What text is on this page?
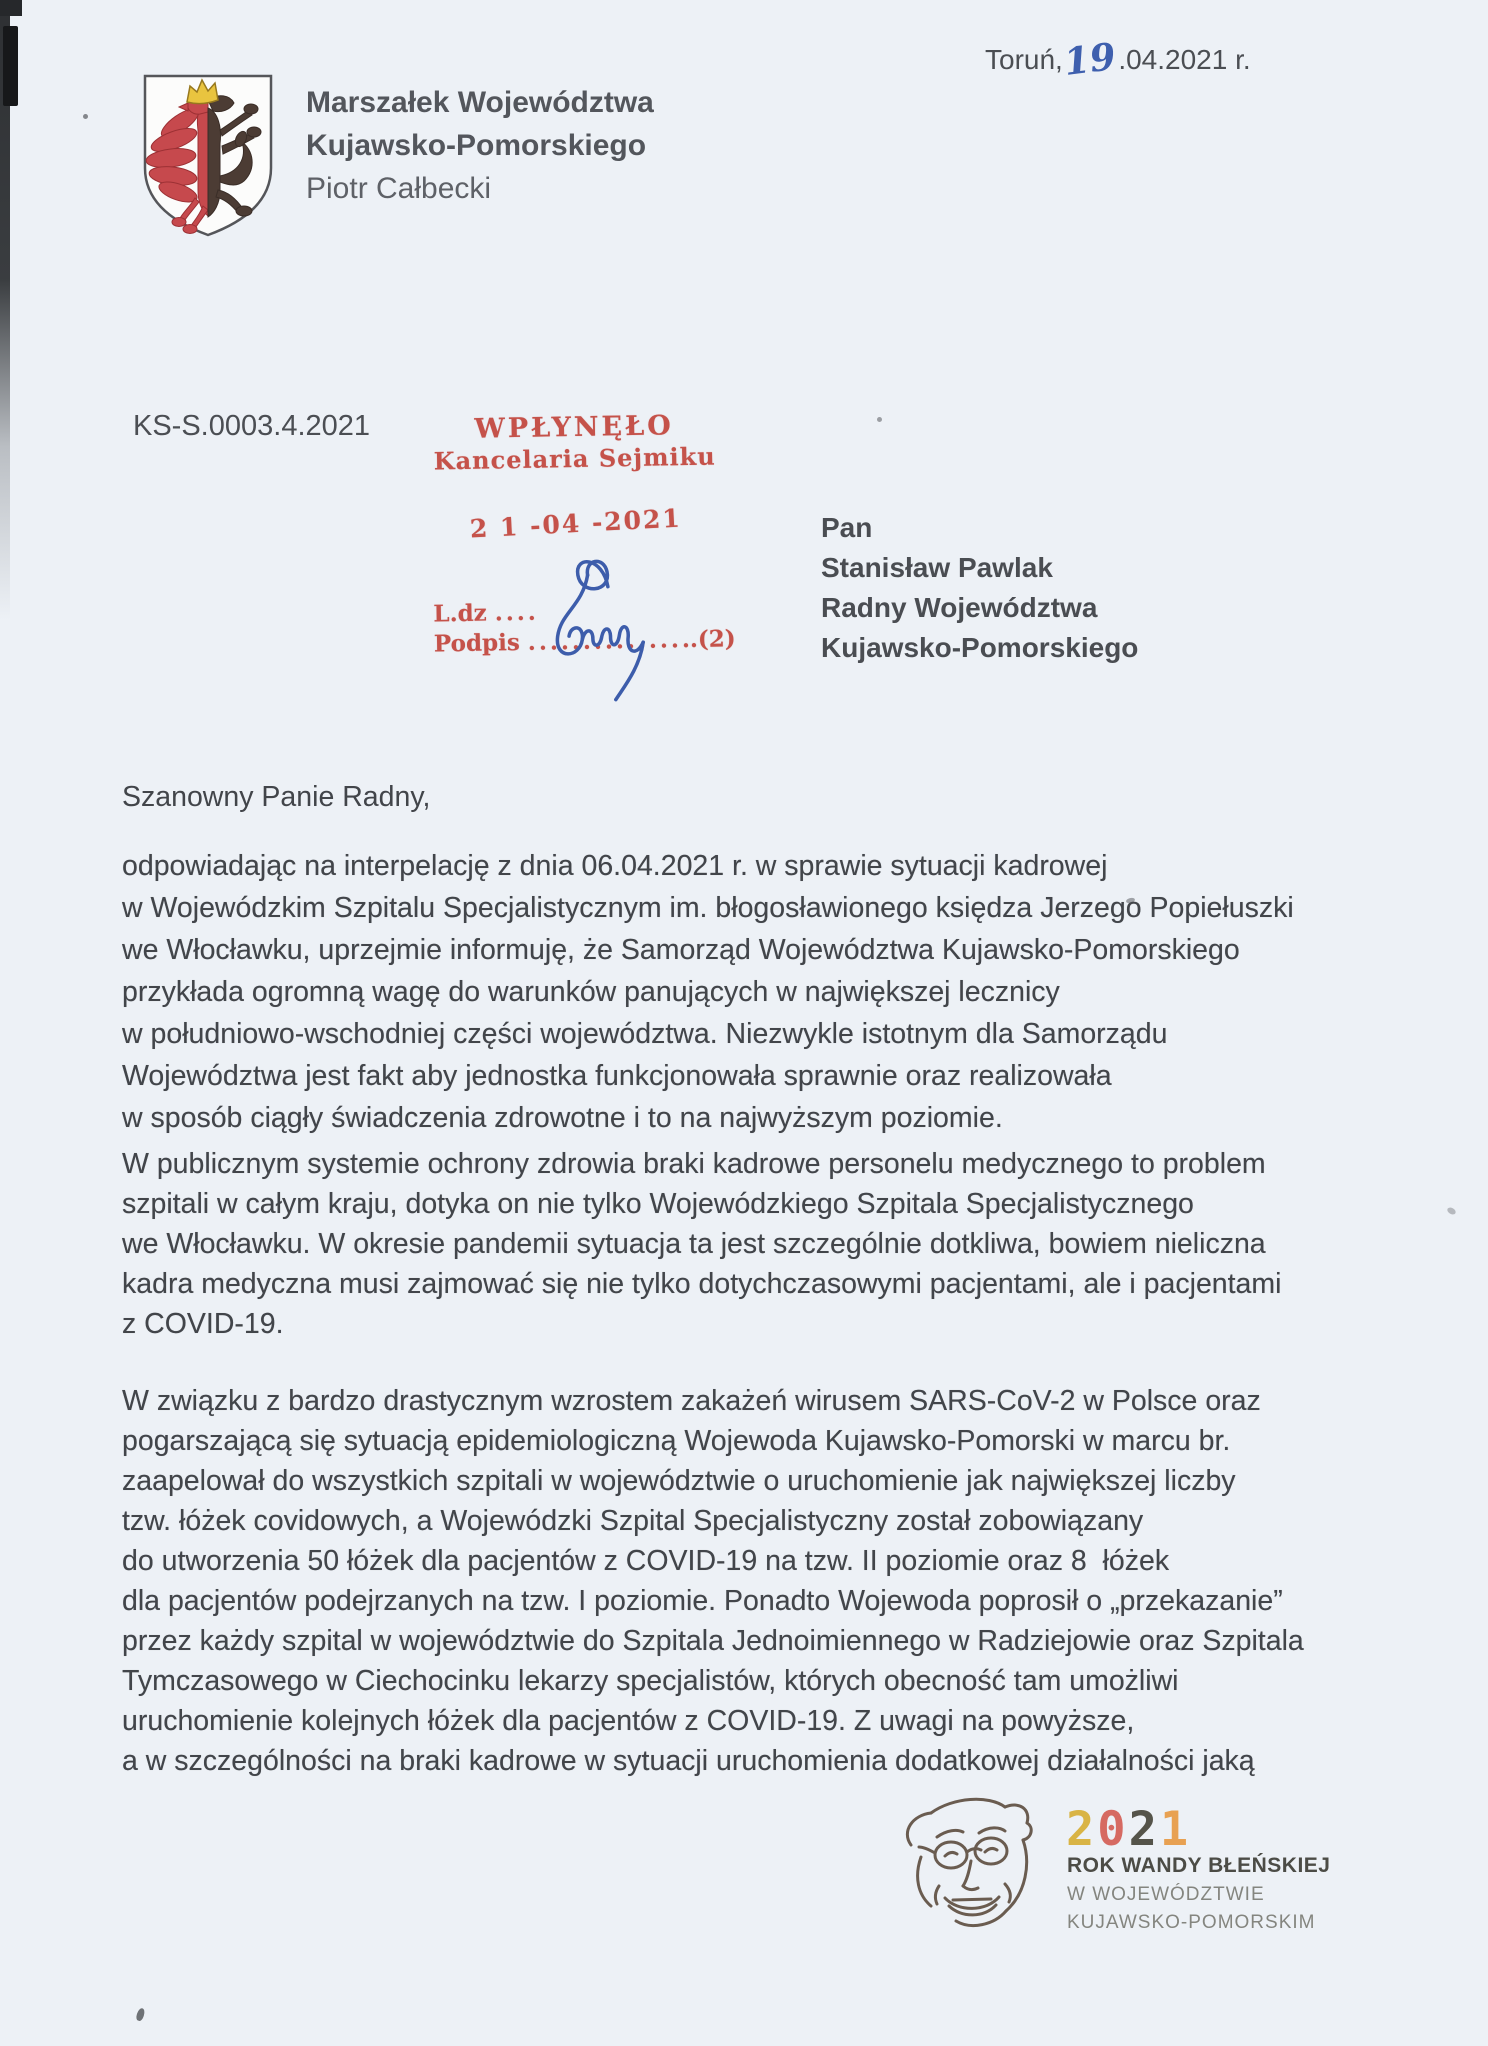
Toruń,19.04.2021 r.
Marszałek Województwa
Kujawsko-Pomorskiego
Piotr Całbecki
KS-S.0003.4.2021	WPŁYNĘŁO
Kancelaria Sejmiku
2 1 -04 -2021
L.dz ....
Podpis ................(2)
Pan
Stanisław Pawlak
Radny Województwa
Kujawsko-Pomorskiego
Szanowny Panie Radny,
odpowiadając na interpelację z dnia 06.04.2021 r. w sprawie sytuacji kadrowej
w Wojewódzkim Szpitalu Specjalistycznym im. błogosławionego księdza Jerzego Popiełuszki
we Włocławku, uprzejmie informuję, że Samorząd Województwa Kujawsko-Pomorskiego
przykłada ogromną wagę do warunków panujących w największej lecznicy
w południowo-wschodniej części województwa. Niezwykle istotnym dla Samorządu
Województwa jest fakt aby jednostka funkcjonowała sprawnie oraz realizowała
w sposób ciągły świadczenia zdrowotne i to na najwyższym poziomie.
W publicznym systemie ochrony zdrowia braki kadrowe personelu medycznego to problem
szpitali w całym kraju, dotyka on nie tylko Wojewódzkiego Szpitala Specjalistycznego
we Włocławku. W okresie pandemii sytuacja ta jest szczególnie dotkliwa, bowiem nieliczna
kadra medyczna musi zajmować się nie tylko dotychczasowymi pacjentami, ale i pacjentami
z COVID-19.
W związku z bardzo drastycznym wzrostem zakażeń wirusem SARS-CoV-2 w Polsce oraz
pogarszającą się sytuacją epidemiologiczną Wojewoda Kujawsko-Pomorski w marcu br.
zaapelował do wszystkich szpitali w województwie o uruchomienie jak największej liczby
tzw. łóżek covidowych, a Wojewódzki Szpital Specjalistyczny został zobowiązany
do utworzenia 50 łóżek dla pacjentów z COVID-19 na tzw. II poziomie oraz 8  łóżek
dla pacjentów podejrzanych na tzw. I poziomie. Ponadto Wojewoda poprosił o „przekazanie”
przez każdy szpital w województwie do Szpitala Jednoimiennego w Radziejowie oraz Szpitala
Tymczasowego w Ciechocinku lekarzy specjalistów, których obecność tam umożliwi
uruchomienie kolejnych łóżek dla pacjentów z COVID-19. Z uwagi na powyższe,
a w szczególności na braki kadrowe w sytuacji uruchomienia dodatkowej działalności jaką
2021
ROK WANDY BŁEŃSKIEJ
W WOJEWÓDZTWIE
KUJAWSKO-POMORSKIM
